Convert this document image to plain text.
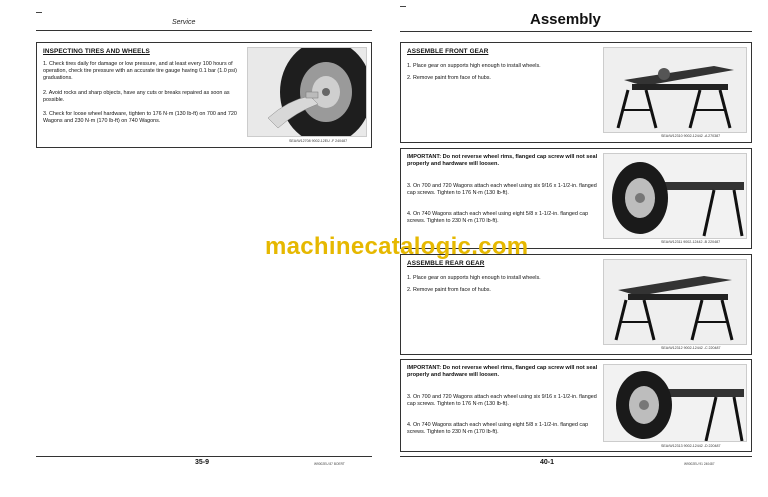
Service
INSPECTING TIRES AND WHEELS
1. Check tires daily for damage or low pressure, and at least every 100 hours of operation, check tire pressure with an accurate tire gauge having 0.1 bar (1.0 psi) graduations.
2. Avoid rocks and sharp objects, have any cuts or breaks repaired as soon as possible.
3. Check for loose wheel hardware, tighten to 176 N·m (130 lb-ft) on 700 and 720 Wagons and 230 N·m (170 lb-ft) on 740 Wagons.
SEA/W12708 9002-12EU -F 240487
35-9	W9002EU 87 BOERT
Assembly
ASSEMBLE FRONT GEAR
1. Place gear on supports high enough to install wheels.
2. Remove paint from face of hubs.
SEA/W12310 9002-12442 -A 270387
IMPORTANT: Do not reverse wheel rims, flanged cap screw will not seal properly and hardware will loosen.
3. On 700 and 720 Wagons attach each wheel using six 9/16 x 1-1/2-in. flanged cap screws. Tighten to 176 N·m (130 lb-ft).
4. On 740 Wagons attach each wheel using eight 5/8 x 1-1/2-in. flanged cap screws. Tighten to 230 N·m (170 lb-ft).
SEA/W12311 9002-12442 -B 220487
ASSEMBLE REAR GEAR
1. Place gear on supports high enough to install wheels.
2. Remove paint from face of hubs.
SEA/W12312 9002-12442 -C 220487
IMPORTANT: Do not reverse wheel rims, flanged cap screw will not seal properly and hardware will loosen.
3. On 700 and 720 Wagons attach each wheel using six 9/16 x 1-1/2-in. flanged cap screws. Tighten to 176 N·m (130 lb-ft).
4. On 740 Wagons attach each wheel using eight 5/8 x 1-1/2-in. flanged cap screws. Tighten to 230 N·m (170 lb-ft).
SEA/W12313 9002-12442 -D 220487
40-1	W9002EU 91 240487
machinecatalogic.com
